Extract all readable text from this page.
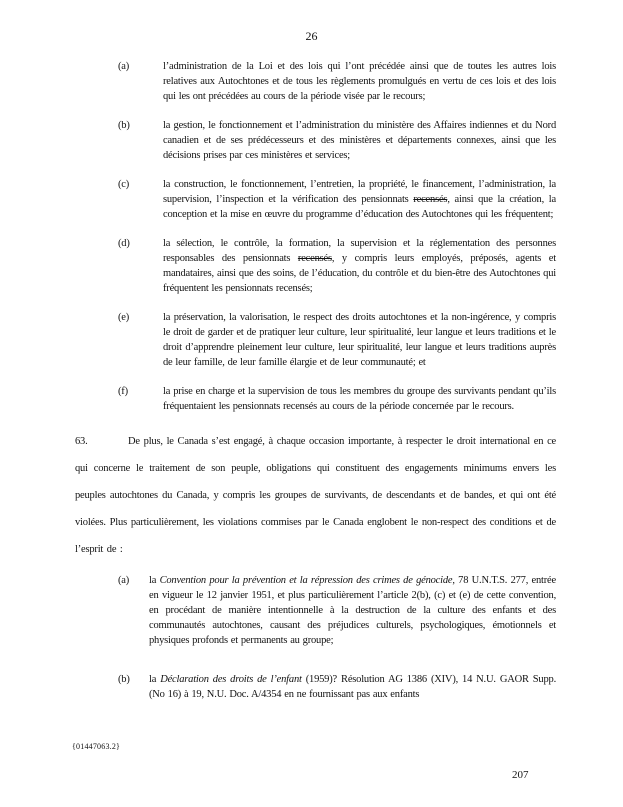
26
(a)	l’administration de la Loi et des lois qui l’ont précédée ainsi que de toutes les autres lois relatives aux Autochtones et de tous les règlements promulgués en vertu de ces lois et des lois qui les ont précédées au cours de la période visée par le recours;
(b)	la gestion, le fonctionnement et l’administration du ministère des Affaires indiennes et du Nord canadien et de ses prédécesseurs et des ministères et départements connexes, ainsi que les décisions prises par ces ministères et services;
(c)	la construction, le fonctionnement, l’entretien, la propriété, le financement, l’administration, la supervision, l’inspection et la vérification des pensionnats recensés, ainsi que la création, la conception et la mise en œuvre du programme d’éducation des Autochtones qui les fréquentent;
(d)	la sélection, le contrôle, la formation, la supervision et la réglementation des personnes responsables des pensionnats recensés, y compris leurs employés, préposés, agents et mandataires, ainsi que des soins, de l’éducation, du contrôle et du bien-être des Autochtones qui fréquentent les pensionnats recensés;
(e)	la préservation, la valorisation, le respect des droits autochtones et la non-ingérence, y compris le droit de garder et de pratiquer leur culture, leur spiritualité, leur langue et leurs traditions et le droit d’apprendre pleinement leur culture, leur spiritualité, leur langue et leurs traditions auprès de leur famille, de leur famille élargie et de leur communauté; et
(f)	la prise en charge et la supervision de tous les membres du groupe des survivants pendant qu’ils fréquentaient les pensionnats recensés au cours de la période concernée par le recours.
63.	De plus, le Canada s’est engagé, à chaque occasion importante, à respecter le droit international en ce qui concerne le traitement de son peuple, obligations qui constituent des engagements minimums envers les peuples autochtones du Canada, y compris les groupes de survivants, de descendants et de bandes, et qui ont été violées. Plus particulièrement, les violations commises par le Canada englobent le non-respect des conditions et de l’esprit de :
(a) la Convention pour la prévention et la répression des crimes de génocide, 78 U.N.T.S. 277, entrée en vigueur le 12 janvier 1951, et plus particulièrement l’article 2(b), (c) et (e) de cette convention, en procédant de manière intentionnelle à la destruction de la culture des enfants et des communautés autochtones, causant des préjudices culturels, psychologiques, émotionnels et physiques profonds et permanents au groupe;
(b) la Déclaration des droits de l’enfant (1959)? Résolution AG 1386 (XIV), 14 N.U. GAOR Supp. (No 16) à 19, N.U. Doc. A/4354 en ne fournissant pas aux enfants
{01447063.2}
207
